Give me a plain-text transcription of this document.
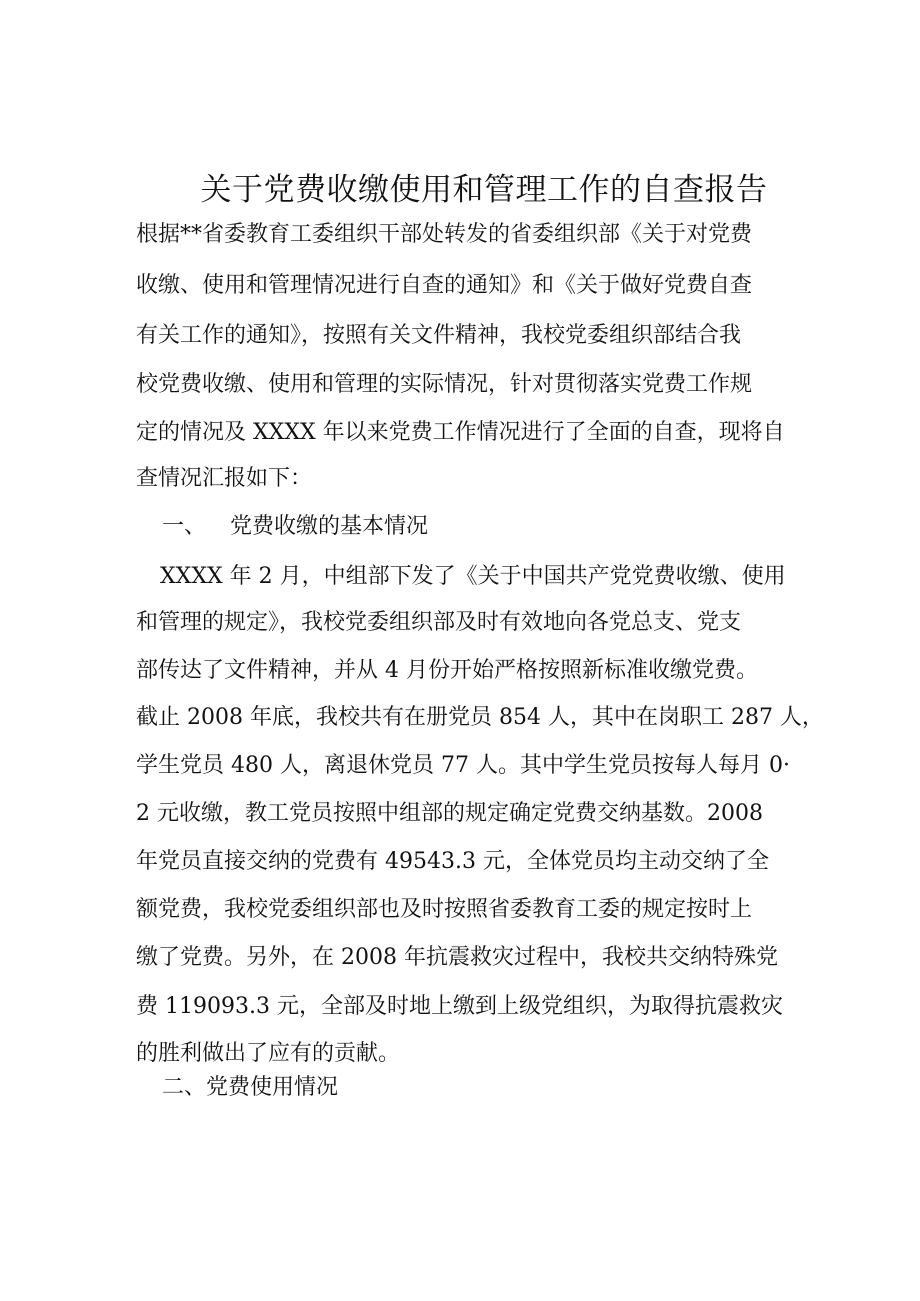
关于党费收缴使用和管理工作的自查报告

根据**省委教育工委组织干部处转发的省委组织部《关于对党费

收缴、使用和管理情况进行自查的通知》和《关于做好党费自查

有关工作的通知》，按照有关文件精神，我校党委组织部结合我

校党费收缴、使用和管理的实际情况，针对贯彻落实党费工作规

定的情况及 XXXX 年以来党费工作情况进行了全面的自查，现将自

查情况汇报如下：

一、 党费收缴的基本情况

XXXX 年 2 月，中组部下发了《关于中国共产党党费收缴、使用

和管理的规定》，我校党委组织部及时有效地向各党总支、党支

部传达了文件精神，并从 4 月份开始严格按照新标准收缴党费。

截止 2008 年底，我校共有在册党员 854 人，其中在岗职工 287 人，

学生党员 480 人，离退休党员 77 人。其中学生党员按每人每月 0·

2 元收缴，教工党员按照中组部的规定确定党费交纳基数。2008

年党员直接交纳的党费有 49543.3 元，全体党员均主动交纳了全

额党费，我校党委组织部也及时按照省委教育工委的规定按时上

缴了党费。另外，在 2008 年抗震救灾过程中，我校共交纳特殊党

费 119093.3 元，全部及时地上缴到上级党组织，为取得抗震救灾

的胜利做出了应有的贡献。

二、党费使用情况
